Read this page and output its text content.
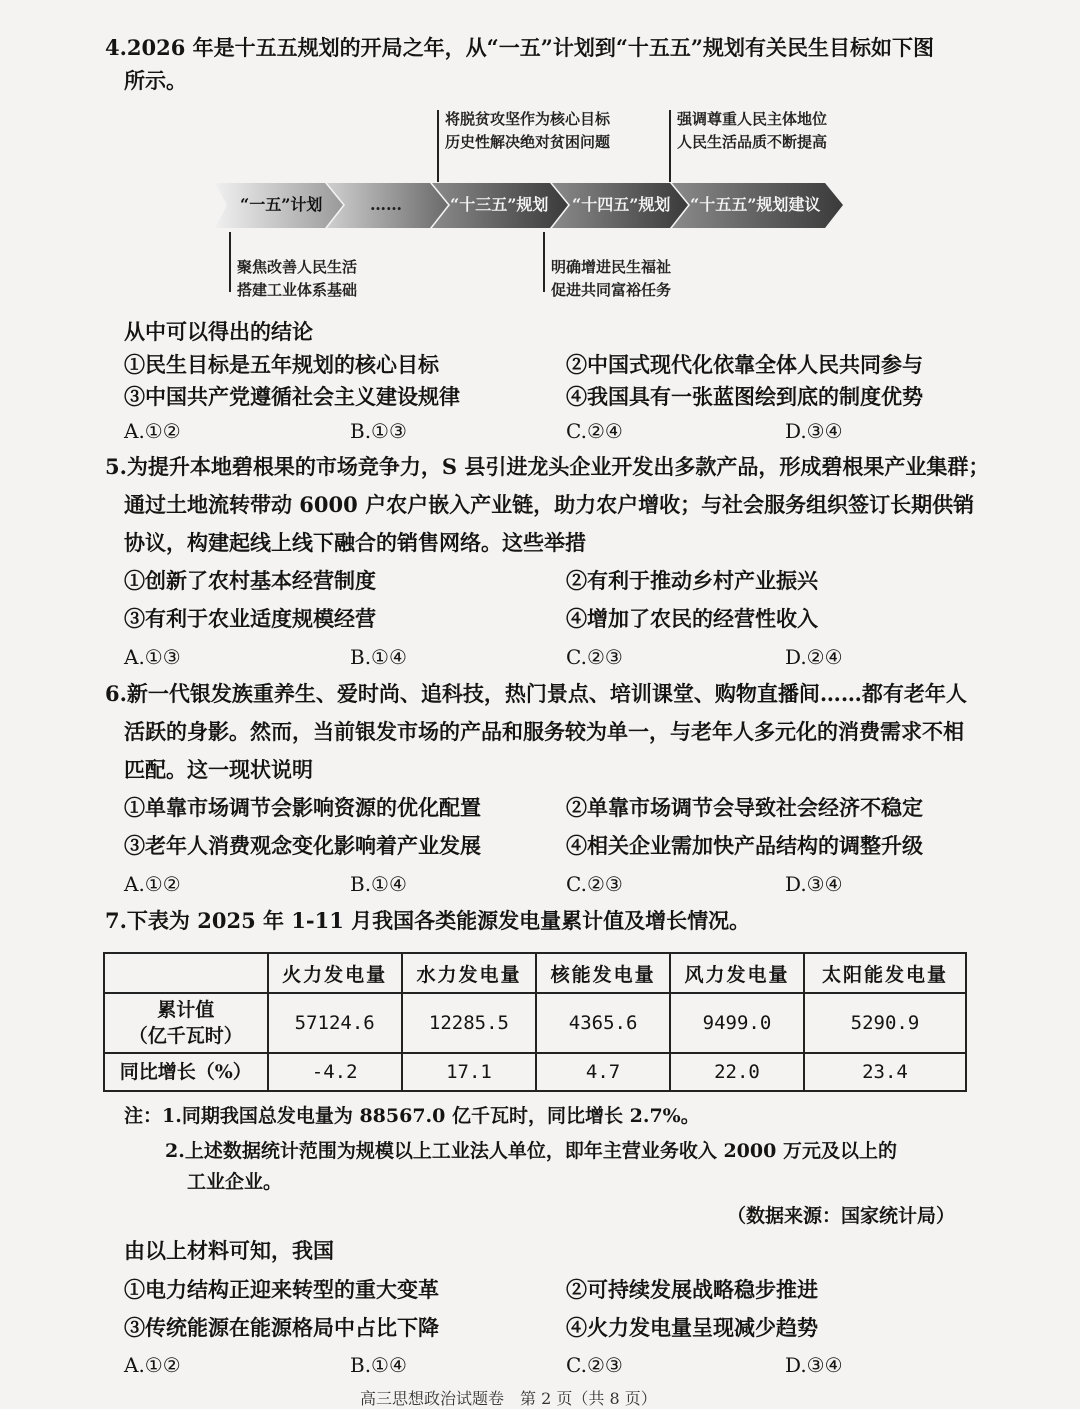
4.2026 年是十五五规划的开局之年，从“一五”计划到“十五五”规划有关民生目标如下图
所示。
“一五”计划	……	“十三五”规划 “十四五”规划 “十五五”规划建议
聚焦改善人民生活
搭建工业体系基础
将脱贫攻坚作为核心目标
历史性解决绝对贫困问题
明确增进民生福祉
促进共同富裕任务
强调尊重人民主体地位
人民生活品质不断提高
从中可以得出的结论
①民生目标是五年规划的核心目标	②中国式现代化依靠全体人民共同参与
③中国共产党遵循社会主义建设规律	④我国具有一张蓝图绘到底的制度优势
A.①②	B.①③	C.②④	D.③④
5.为提升本地碧根果的市场竞争力，S 县引进龙头企业开发出多款产品，形成碧根果产业集群；
通过土地流转带动 6000 户农户嵌入产业链，助力农户增收；与社会服务组织签订长期供销
协议，构建起线上线下融合的销售网络。这些举措
①创新了农村基本经营制度	②有利于推动乡村产业振兴
③有利于农业适度规模经营	④增加了农民的经营性收入
A.①③	B.①④	C.②③	D.②④
6.新一代银发族重养生、爱时尚、追科技，热门景点、培训课堂、购物直播间……都有老年人
活跃的身影。然而，当前银发市场的产品和服务较为单一，与老年人多元化的消费需求不相
匹配。这一现状说明
①单靠市场调节会影响资源的优化配置	②单靠市场调节会导致社会经济不稳定
③老年人消费观念变化影响着产业发展	④相关企业需加快产品结构的调整升级
A.①②	B.①④	C.②③	D.③④
7.下表为 2025 年 1-11 月我国各类能源发电量累计值及增长情况。
	火力发电量	水力发电量	核能发电量	风力发电量	太阳能发电量

累计值
（亿千瓦时）	57124.6	12285.5	4365.6	9499.0	5290.9
同比增长（%）	-4.2	17.1	4.7	22.0	23.4
注：1.同期我国总发电量为 88567.0 亿千瓦时，同比增长 2.7%。
2.上述数据统计范围为规模以上工业法人单位，即年主营业务收入 2000 万元及以上的
工业企业。
（数据来源：国家统计局）
由以上材料可知，我国
①电力结构正迎来转型的重大变革	②可持续发展战略稳步推进
③传统能源在能源格局中占比下降	④火力发电量呈现减少趋势
A.①②	B.①④	C.②③	D.③④
高三思想政治试题卷　第 2 页（共 8 页）
